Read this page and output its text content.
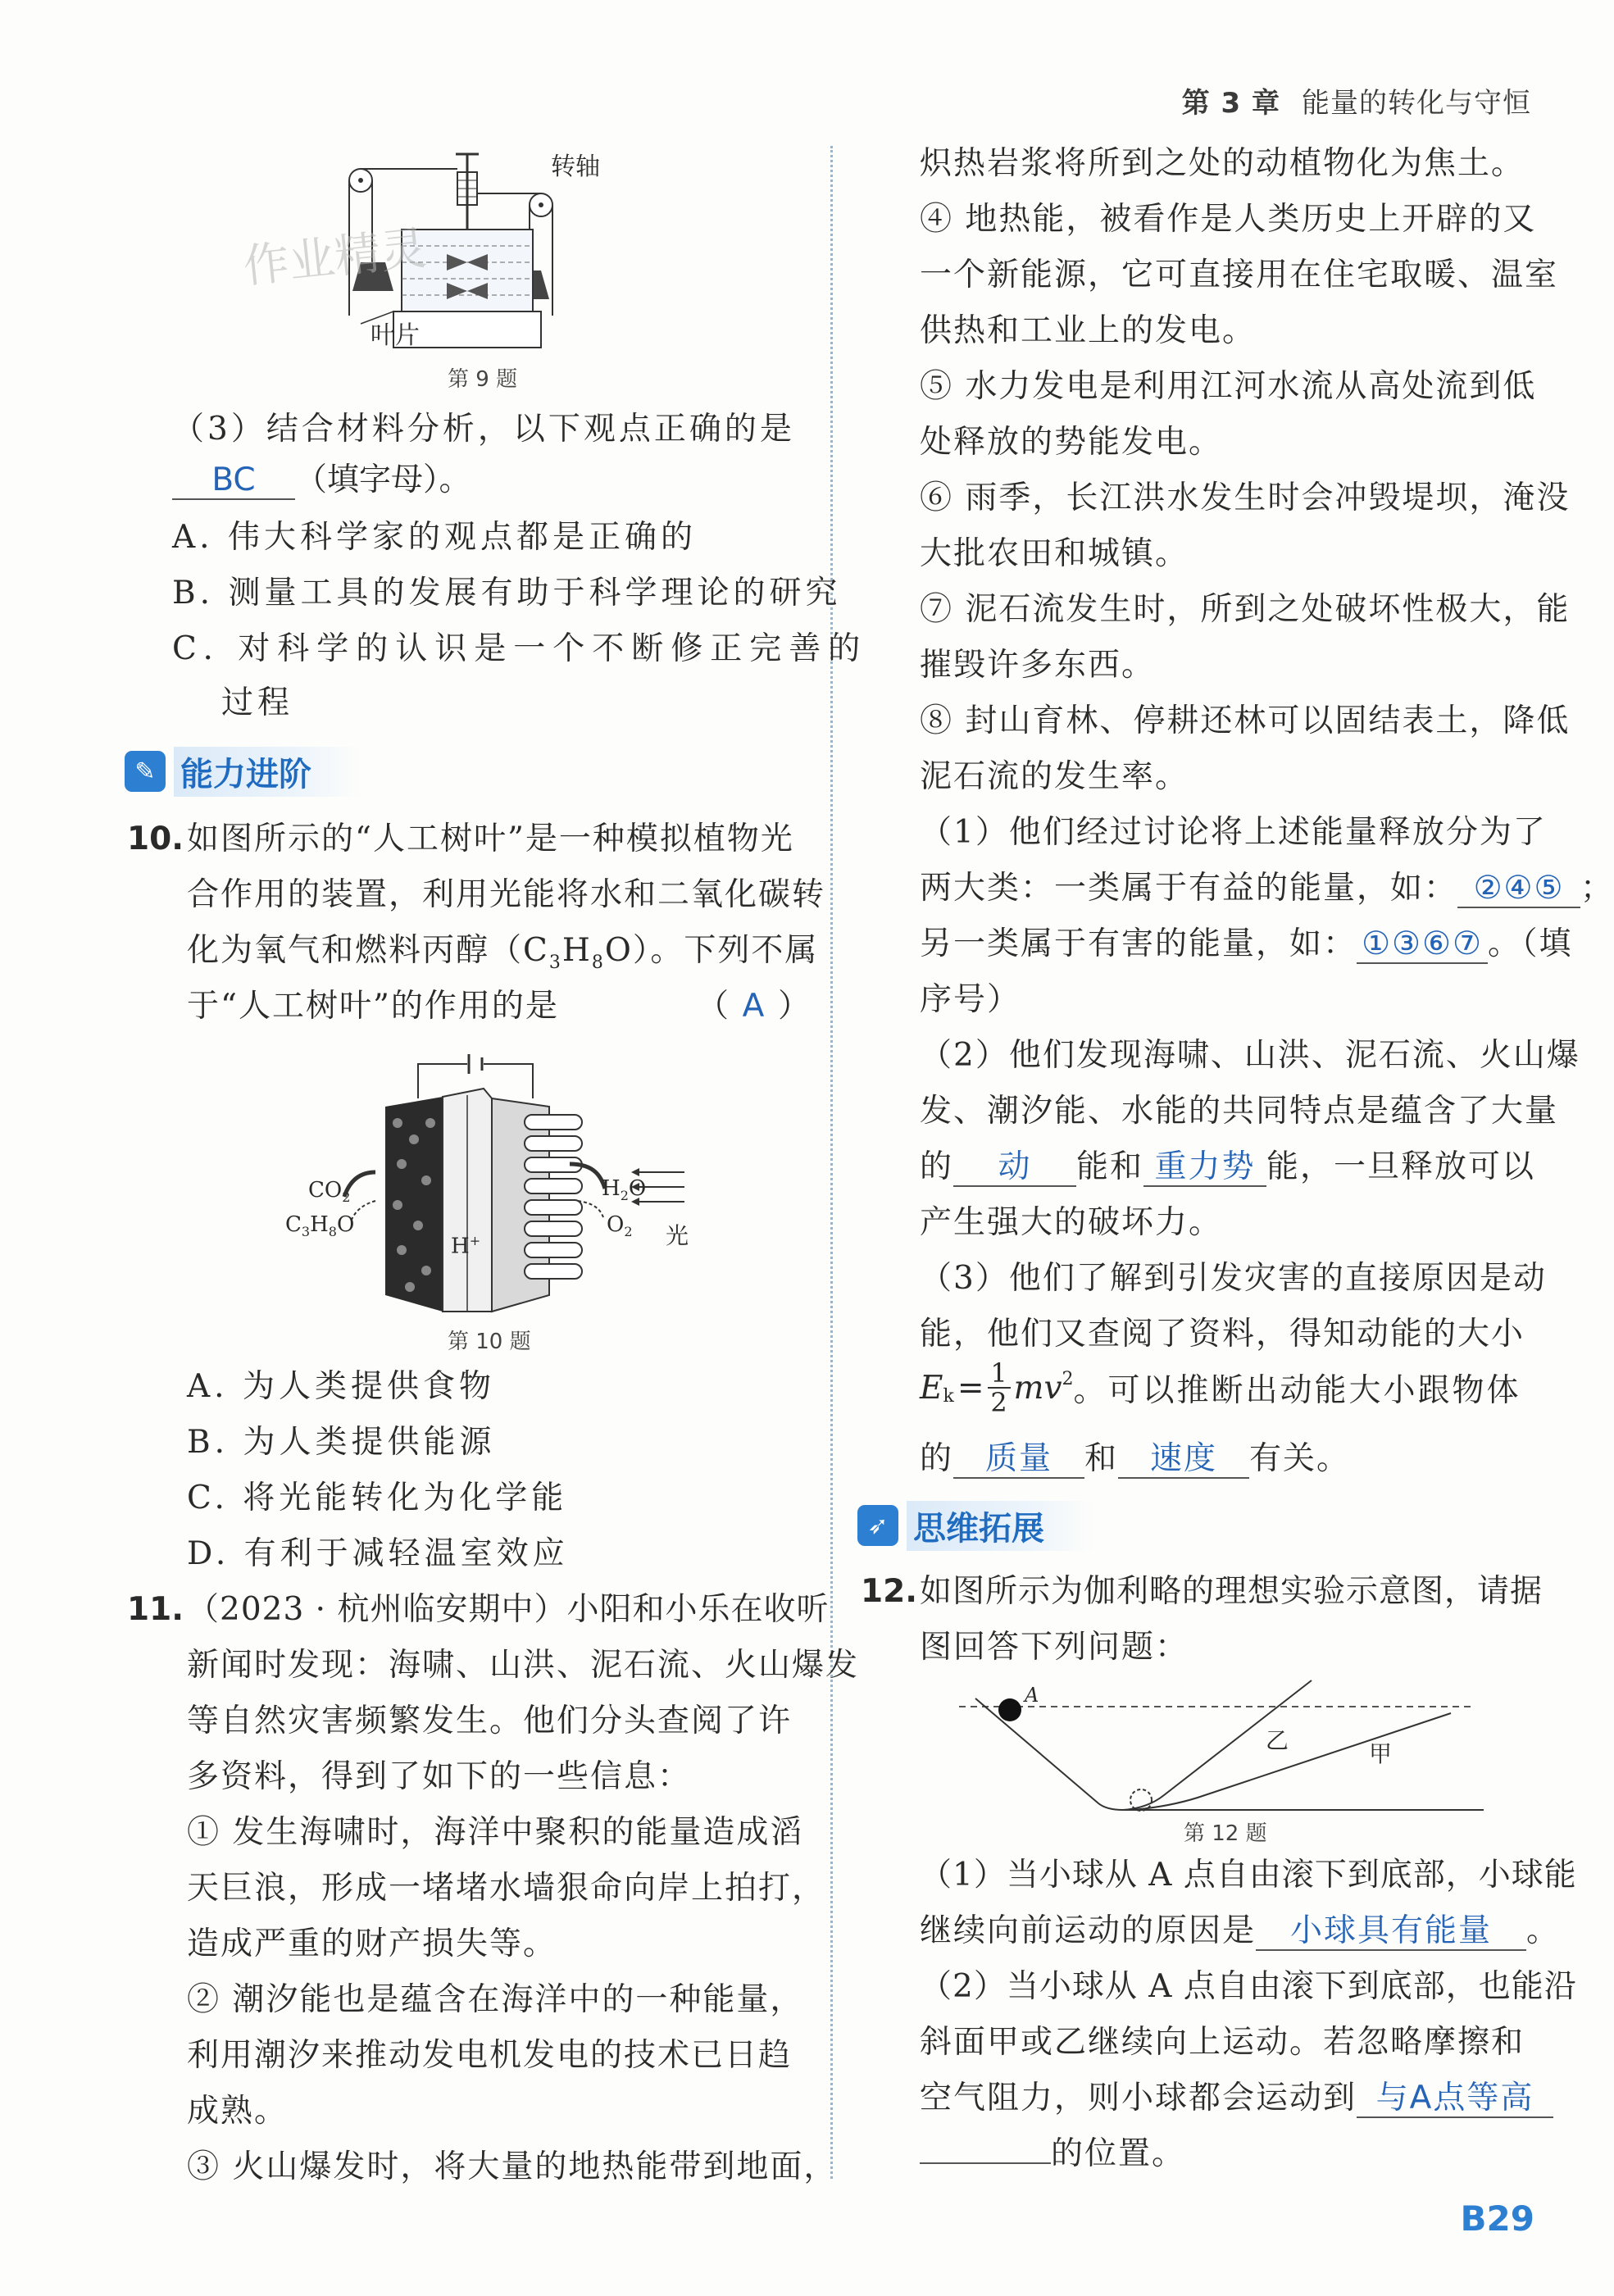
第 3 章 能量的转化与守恒
转轴
叶片
第 9 题
作业精灵
（3）结合材料分析，以下观点正确的是
BC （填字母）。
A. 伟大科学家的观点都是正确的
B. 测量工具的发展有助于科学理论的研究
C. 对科学的认识是一个不断修正完善的
过程
✎ 能力进阶
10. 如图所示的“人工树叶”是一种模拟植物光
合作用的装置，利用光能将水和二氧化碳转
化为氧气和燃料丙醇$(C_3H_8O)$。下列不属
于“人工树叶”的作用的是	（ A ）
$CO_2$
$C_3H_8O$
$H_2O$
$O_2$
H+	光
第 10 题
A. 为人类提供食物
B. 为人类提供能源
C. 将光能转化为化学能
D. 有利于减轻温室效应
11. （2023 · 杭州临安期中）小阳和小乐在收听
新闻时发现：海啸、山洪、泥石流、火山爆发
等自然灾害频繁发生。他们分头查阅了许
多资料，得到了如下的一些信息：
① 发生海啸时，海洋中聚积的能量造成滔
天巨浪，形成一堵堵水墙狠命向岸上拍打，
造成严重的财产损失等。
② 潮汐能也是蕴含在海洋中的一种能量，
利用潮汐来推动发电机发电的技术已日趋
成熟。
③ 火山爆发时，将大量的地热能带到地面，
炽热岩浆将所到之处的动植物化为焦土。
④ 地热能，被看作是人类历史上开辟的又
一个新能源，它可直接用在住宅取暖、温室
供热和工业上的发电。
⑤ 水力发电是利用江河水流从高处流到低
处释放的势能发电。
⑥ 雨季，长江洪水发生时会冲毁堤坝，淹没
大批农田和城镇。
⑦ 泥石流发生时，所到之处破坏性极大，能
摧毁许多东西。
⑧ 封山育林、停耕还林可以固结表土，降低
泥石流的发生率。
（1）他们经过讨论将上述能量释放分为了
两大类：一类属于有益的能量，如： ②④⑤ ；
另一类属于有害的能量，如： ①③⑥⑦ 。（填
序号）
（2）他们发现海啸、山洪、泥石流、火山爆
发、潮汐能、水能的共同特点是蕴含了大量
的 动 能和 重力势 能，一旦释放可以
产生强大的破坏力。
（3）他们了解到引发灾害的直接原因是动
能，他们又查阅了资料，得知动能的大小
$E_k = 1$
2 $mv^2$ 。可以推断出动能大小跟物体
的 质量 和 速度 有关。
➶ 思维拓展
12. 如图所示为伽利略的理想实验示意图，请据
图回答下列问题：
A
乙	甲
第 12 题
（1）当小球从 A 点自由滚下到底部，小球能
继续向前运动的原因是 小球具有能量 。
（2）当小球从 A 点自由滚下到底部，也能沿
斜面甲或乙继续向上运动。若忽略摩擦和
空气阻力，则小球都会运动到 与A点等高
的位置。
B29
